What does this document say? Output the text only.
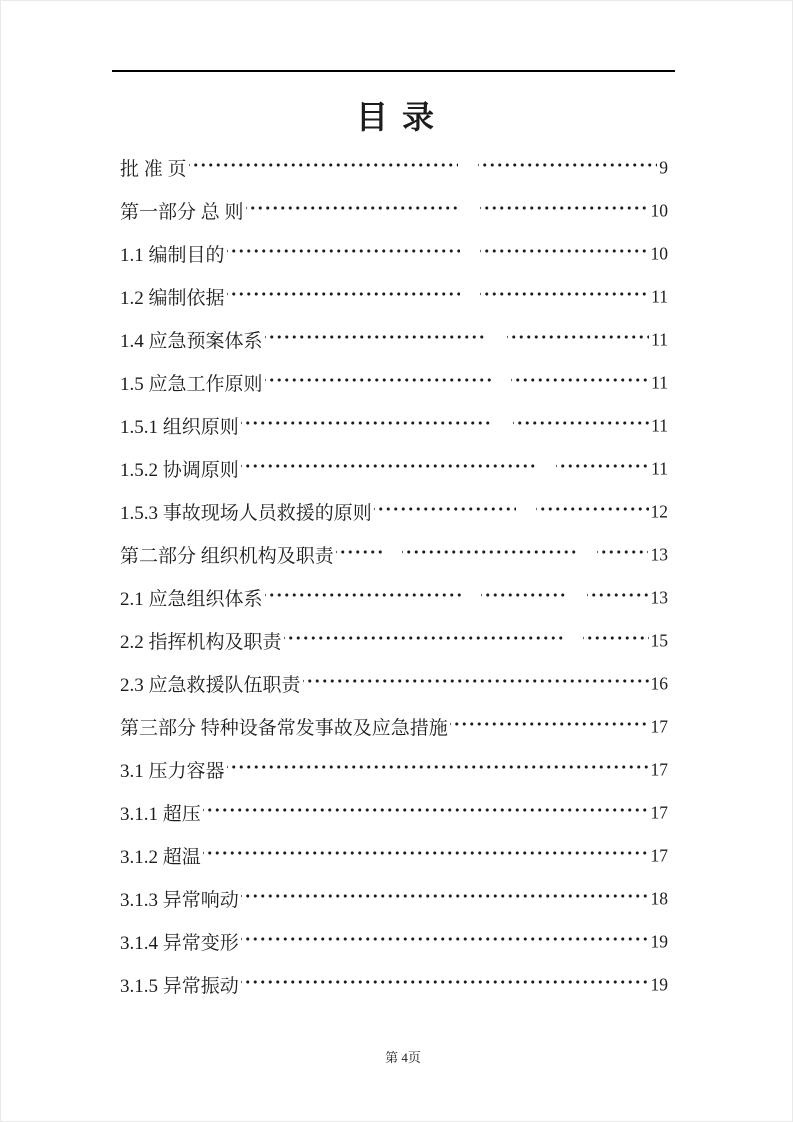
目 录
批 准 页	9
第一部分 总 则	10
1.1 编制目的	10
1.2 编制依据	11
1.4 应急预案体系	11
1.5 应急工作原则	11
1.5.1 组织原则	11
1.5.2 协调原则	11
1.5.3 事故现场人员救援的原则	12
第二部分 组织机构及职责	13
2.1 应急组织体系	13
2.2 指挥机构及职责	15
2.3 应急救援队伍职责	16
第三部分 特种设备常发事故及应急措施	17
3.1 压力容器	17
3.1.1 超压	17
3.1.2 超温	17
3.1.3 异常响动	18
3.1.4 异常变形	19
3.1.5 异常振动	19

第 4页
